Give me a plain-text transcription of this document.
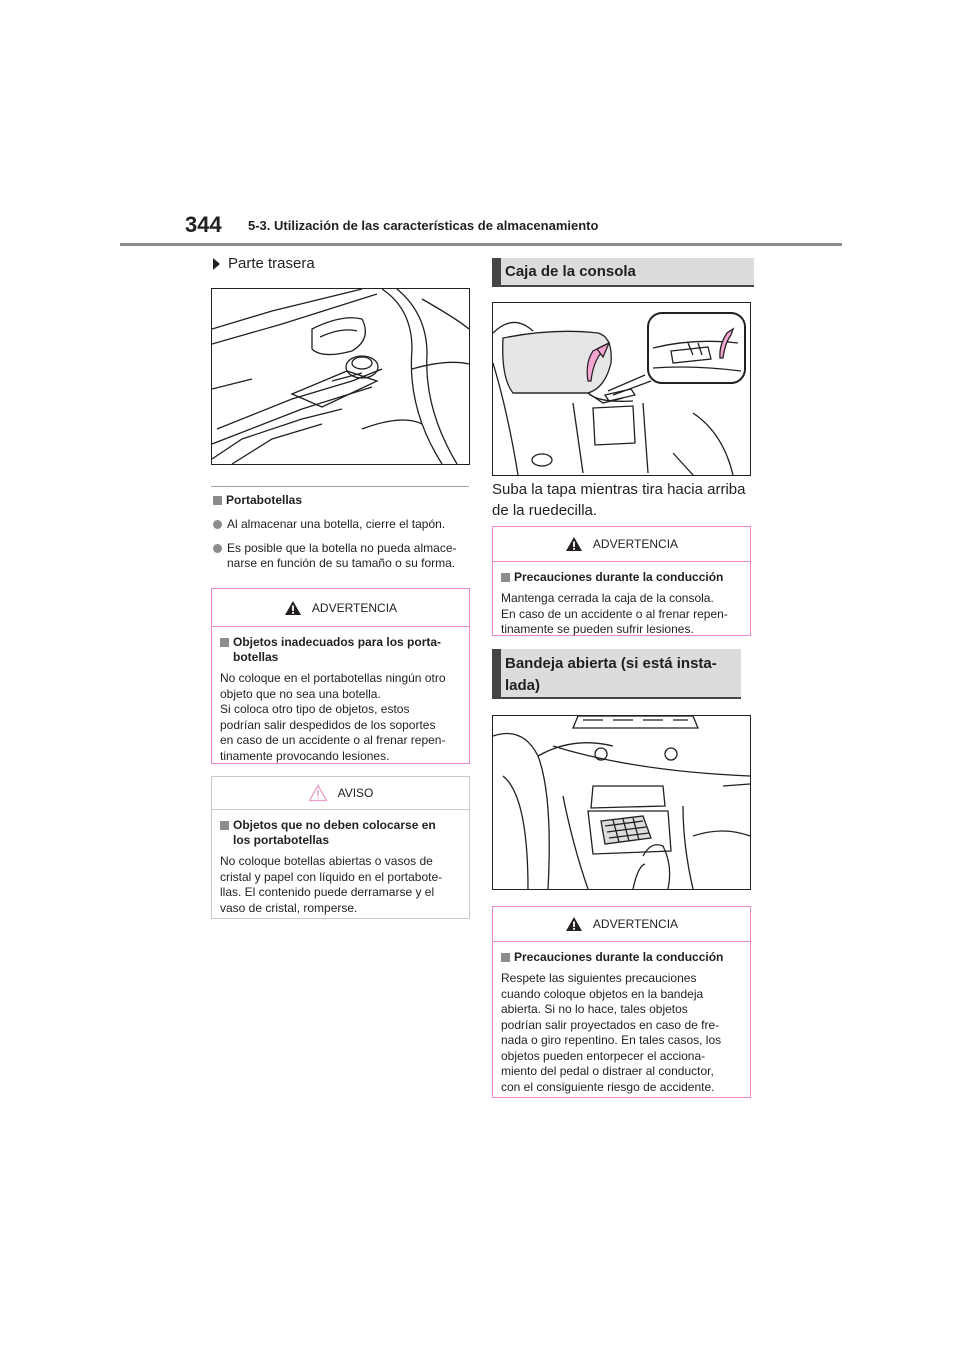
344 5-3. Utilización de las características de almacenamiento
Parte trasera
Portabotellas
Al almacenar una botella, cierre el tapón.
Es posible que la botella no pueda almace-
narse en función de su tamaño o su forma.
ADVERTENCIA
Objetos inadecuados para los porta-
botellas
No coloque en el portabotellas ningún otro
objeto que no sea una botella.
Si coloca otro tipo de objetos, estos
podrían salir despedidos de los soportes
en caso de un accidente o al frenar repen-
tinamente provocando lesiones.
AVISO
Objetos que no deben colocarse en
los portabotellas
No coloque botellas abiertas o vasos de
cristal y papel con líquido en el portabote-
llas. El contenido puede derramarse y el
vaso de cristal, romperse.
Caja de la consola
Suba la tapa mientras tira hacia arriba
de la ruedecilla.
ADVERTENCIA
Precauciones durante la conducción
Mantenga cerrada la caja de la consola.
En caso de un accidente o al frenar repen-
tinamente se pueden sufrir lesiones.
Bandeja abierta (si está insta-
lada)
ADVERTENCIA
Precauciones durante la conducción
Respete las siguientes precauciones
cuando coloque objetos en la bandeja
abierta. Si no lo hace, tales objetos
podrían salir proyectados en caso de fre-
nada o giro repentino. En tales casos, los
objetos pueden entorpecer el acciona-
miento del pedal o distraer al conductor,
con el consiguiente riesgo de accidente.
